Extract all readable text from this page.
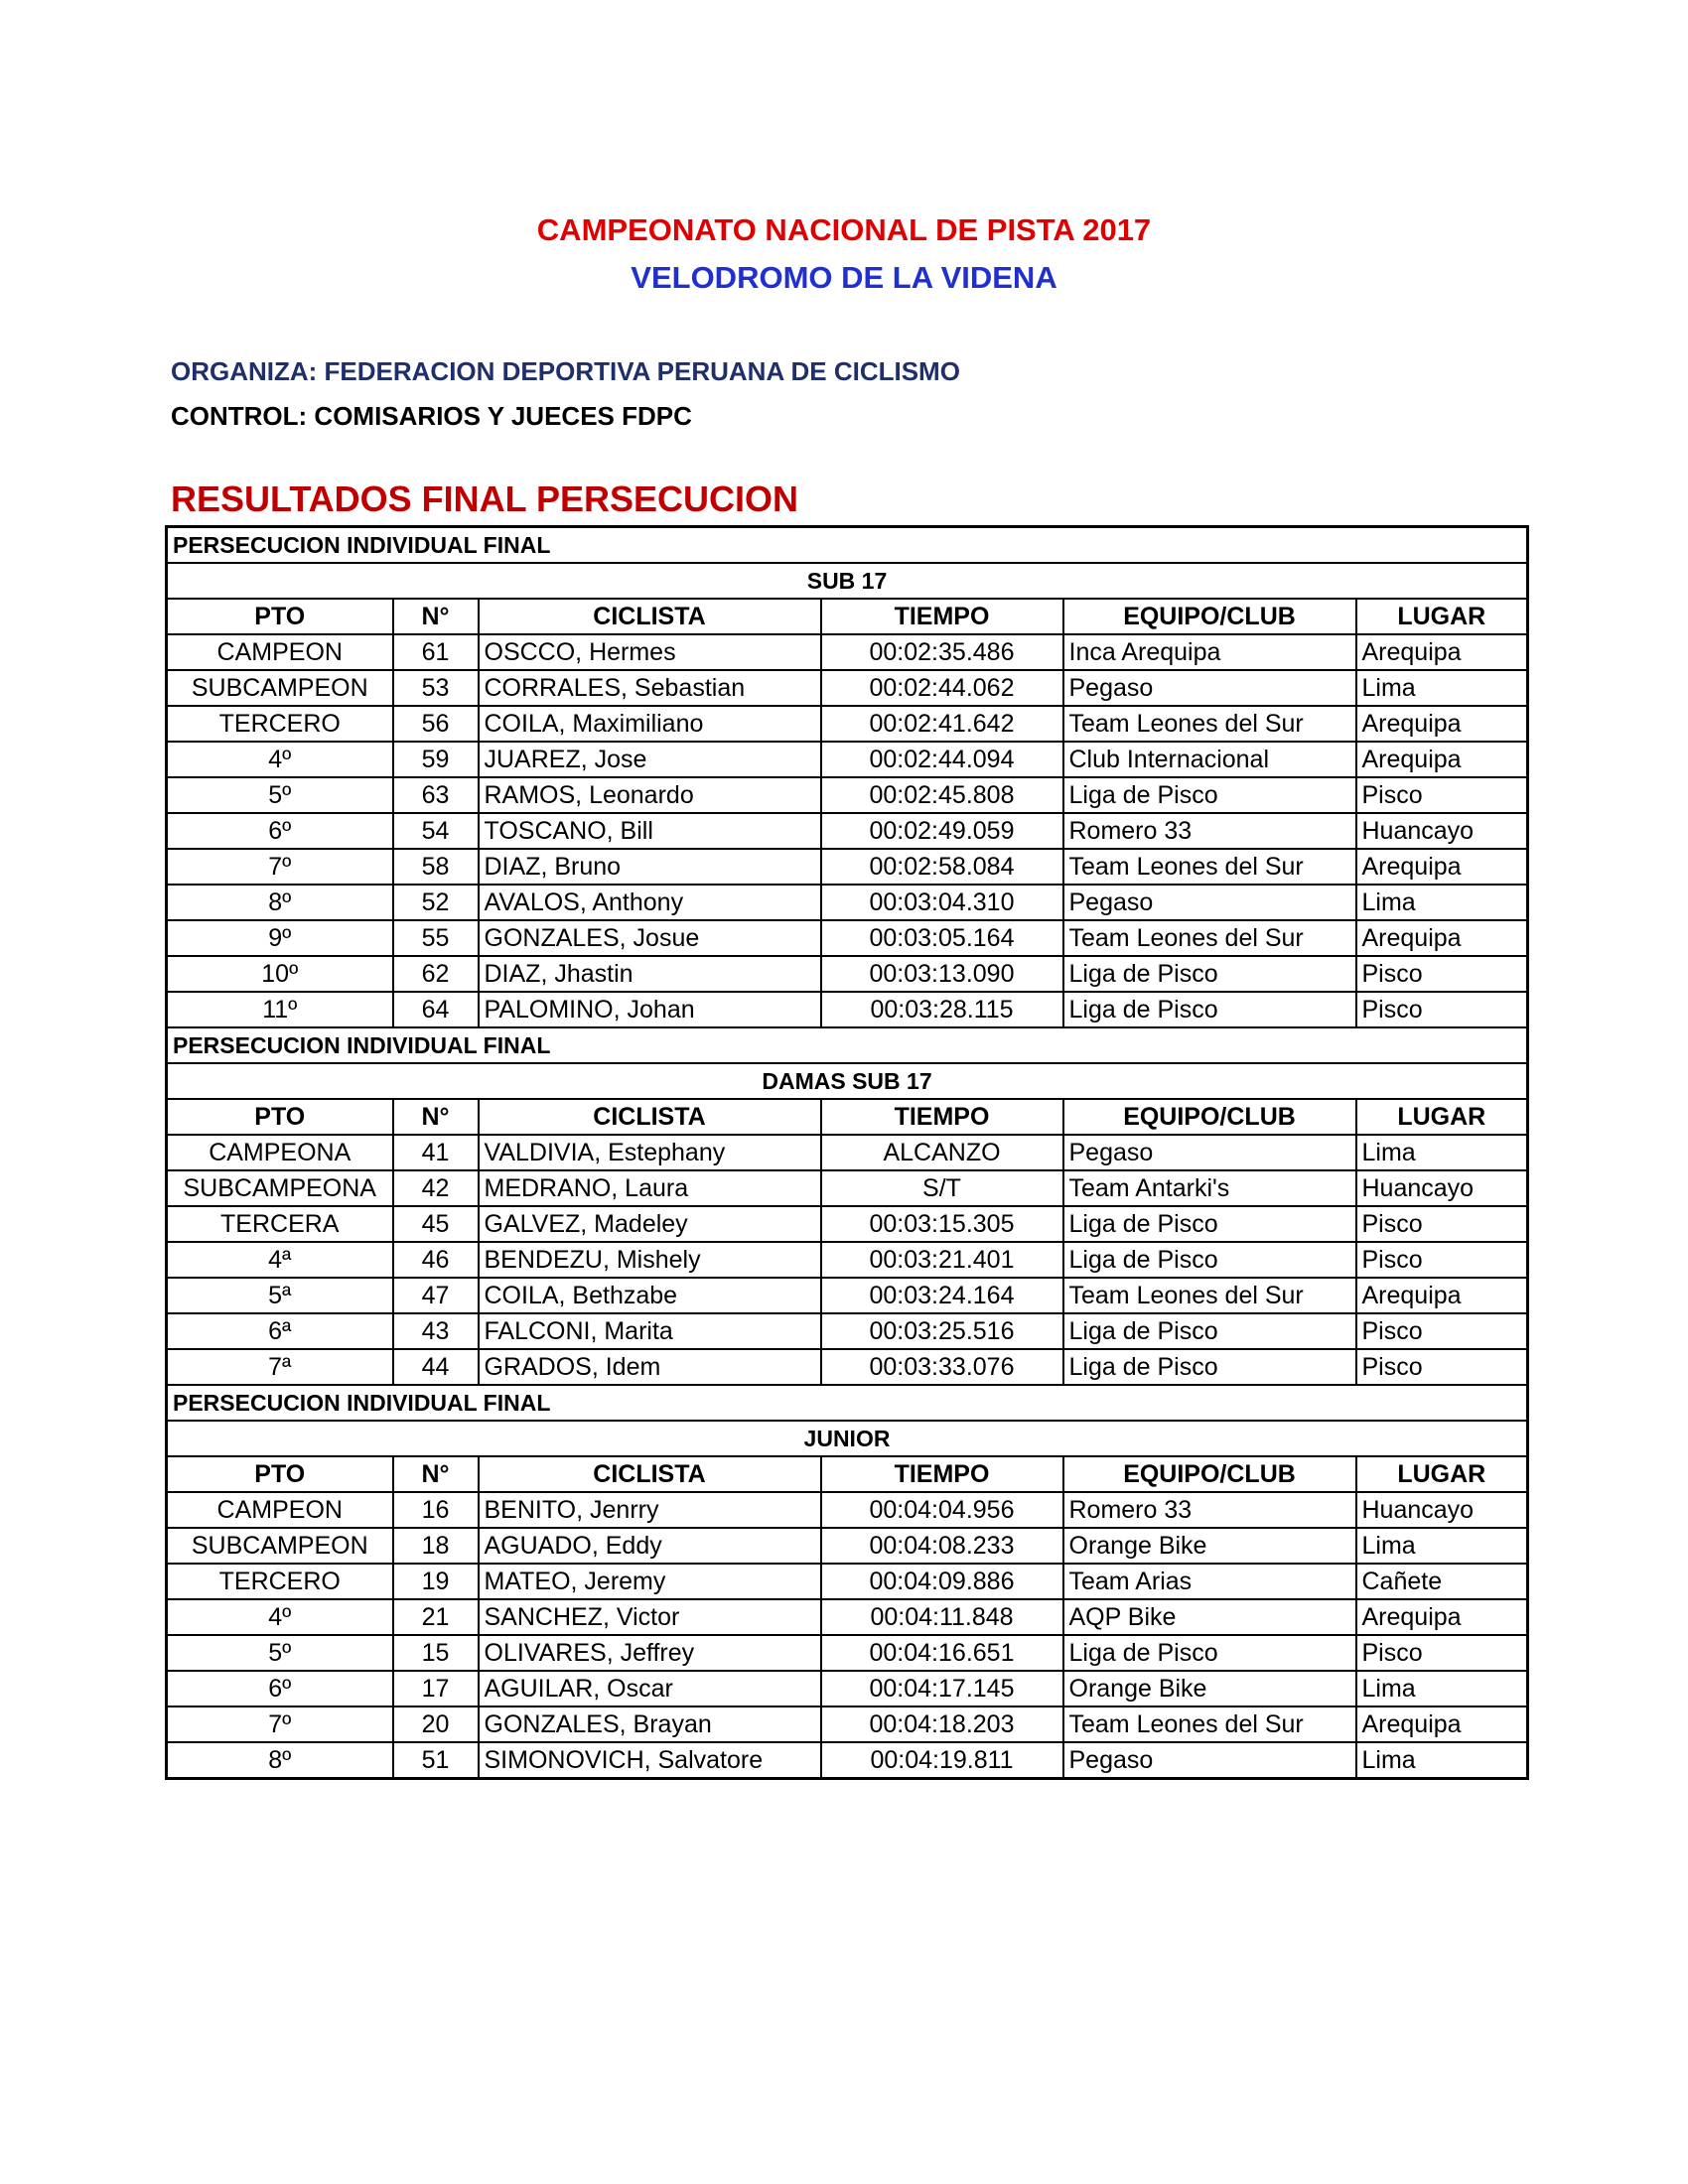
CAMPEONATO NACIONAL DE PISTA 2017
VELODROMO DE LA VIDENA
ORGANIZA: FEDERACION DEPORTIVA PERUANA DE CICLISMO
CONTROL: COMISARIOS Y JUECES FDPC
RESULTADOS FINAL PERSECUCION
PERSECUCION INDIVIDUAL FINAL					
SUB 17					
PTO	N°	CICLISTA	TIEMPO	EQUIPO/CLUB	LUGAR
CAMPEON	61	OSCCO, Hermes	00:02:35.486	Inca Arequipa	Arequipa
SUBCAMPEON	53	CORRALES, Sebastian	00:02:44.062	Pegaso	Lima
TERCERO	56	COILA, Maximiliano	00:02:41.642	Team Leones del Sur	Arequipa
4º	59	JUAREZ, Jose	00:02:44.094	Club Internacional	Arequipa
5º	63	RAMOS, Leonardo	00:02:45.808	Liga de Pisco	Pisco
6º	54	TOSCANO, Bill	00:02:49.059	Romero 33	Huancayo
7º	58	DIAZ, Bruno	00:02:58.084	Team Leones del Sur	Arequipa
8º	52	AVALOS, Anthony	00:03:04.310	Pegaso	Lima
9º	55	GONZALES, Josue	00:03:05.164	Team Leones del Sur	Arequipa
10º	62	DIAZ, Jhastin	00:03:13.090	Liga de Pisco	Pisco
11º	64	PALOMINO, Johan	00:03:28.115	Liga de Pisco	Pisco
PERSECUCION INDIVIDUAL FINAL					
DAMAS SUB 17					
PTO	N°	CICLISTA	TIEMPO	EQUIPO/CLUB	LUGAR
CAMPEONA	41	VALDIVIA, Estephany	ALCANZO	Pegaso	Lima
SUBCAMPEONA	42	MEDRANO, Laura	S/T	Team Antarki's	Huancayo
TERCERA	45	GALVEZ, Madeley	00:03:15.305	Liga de Pisco	Pisco
4ª	46	BENDEZU, Mishely	00:03:21.401	Liga de Pisco	Pisco
5ª	47	COILA, Bethzabe	00:03:24.164	Team Leones del Sur	Arequipa
6ª	43	FALCONI, Marita	00:03:25.516	Liga de Pisco	Pisco
7ª	44	GRADOS, Idem	00:03:33.076	Liga de Pisco	Pisco
PERSECUCION INDIVIDUAL FINAL					
JUNIOR					
PTO	N°	CICLISTA	TIEMPO	EQUIPO/CLUB	LUGAR
CAMPEON	16	BENITO, Jenrry	00:04:04.956	Romero 33	Huancayo
SUBCAMPEON	18	AGUADO, Eddy	00:04:08.233	Orange Bike	Lima
TERCERO	19	MATEO, Jeremy	00:04:09.886	Team Arias	Cañete
4º	21	SANCHEZ, Victor	00:04:11.848	AQP Bike	Arequipa
5º	15	OLIVARES, Jeffrey	00:04:16.651	Liga de Pisco	Pisco
6º	17	AGUILAR, Oscar	00:04:17.145	Orange Bike	Lima
7º	20	GONZALES, Brayan	00:04:18.203	Team Leones del Sur	Arequipa
8º	51	SIMONOVICH, Salvatore	00:04:19.811	Pegaso	Lima
